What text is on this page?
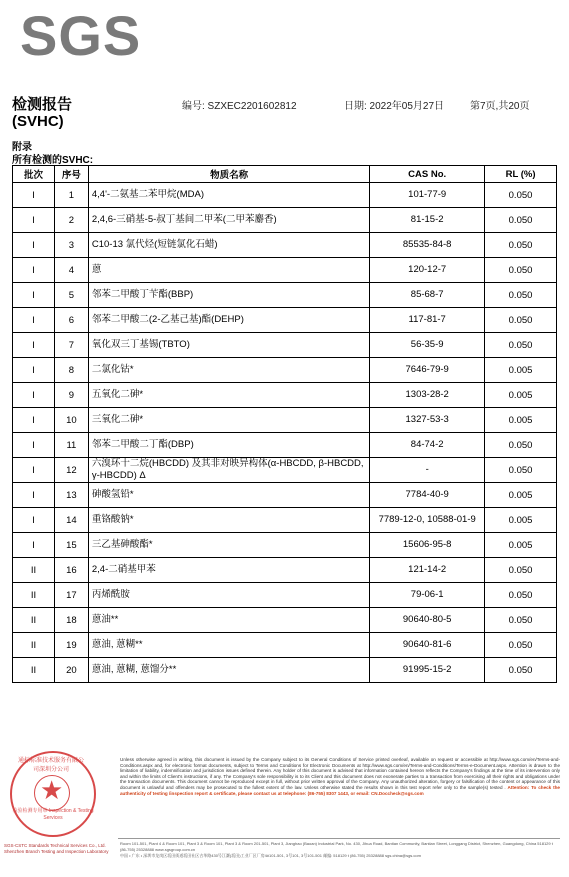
SGS
检测报告
(SVHC)
编号: SZXEC2201602812	日期: 2022年05月27日	第7页,共20页
附录
所有检测的SVHC:
批次	序号	物质名称	CAS No.	RL (%)
I	1	4,4'-二氨基二苯甲烷(MDA)	101-77-9	0.050
I	2	2,4,6-三硝基-5-叔丁基间二甲苯(二甲苯麝香)	81-15-2	0.050
I	3	C10-13 氯代烃(短链氯化石蜡)	85535-84-8	0.050
I	4	蒽	120-12-7	0.050
I	5	邻苯二甲酸丁苄酯(BBP)	85-68-7	0.050
I	6	邻苯二甲酸二(2-乙基己基)酯(DEHP)	117-81-7	0.050
I	7	氧化双三丁基锡(TBTO)	56-35-9	0.050
I	8	二氯化钴*	7646-79-9	0.005
I	9	五氧化二砷*	1303-28-2	0.005
I	10	三氧化二砷*	1327-53-3	0.005
I	11	邻苯二甲酸二丁酯(DBP)	84-74-2	0.050
I	12	六溴环十二烷(HBCDD) 及其非对映异构体(α-HBCDD, β-HBCDD, γ-HBCDD) Δ	-	0.050
I	13	砷酸氢铅*	7784-40-9	0.005
I	14	重铬酸钠*	7789-12-0, 10588-01-9	0.005
I	15	三乙基砷酸酯*	15606-95-8	0.005
II	16	2,4-二硝基甲苯	121-14-2	0.050
II	17	丙烯酰胺	79-06-1	0.050
II	18	蒽油**	90640-80-5	0.050
II	19	蒽油, 蒽糊**	90640-81-6	0.050
II	20	蒽油, 蒽糊, 蒽馏分**	91995-15-2	0.050
通标标准技术服务有限公司深圳分公司
★
检验检测专用章 Inspection & Testing Services
SGS-CSTC Standards Technical Services Co., Ltd. Shenzhen Branch Testing and Inspection Laboratory
Unless otherwise agreed in writing, this document is issued by the Company subject to its General Conditions of Service printed overleaf, available on request or accessible at http://www.sgs.com/en/Terms-and-Conditions.aspx and, for electronic format documents, subject to Terms and Conditions for Electronic Documents at http://www.sgs.com/en/Terms-and-Conditions/Terms-e-Document.aspx. Attention is drawn to the limitation of liability, indemnification and jurisdiction issues defined therein. Any holder of this document is advised that information contained hereon reflects the Company's findings at the time of its intervention only and within the limits of Client's instructions, if any. The Company's sole responsibility is to its Client and this document does not exonerate parties to a transaction from exercising all their rights and obligations under the transaction documents. This document cannot be reproduced except in full, without prior written approval of the Company. Any unauthorized alteration, forgery or falsification of the content or appearance of this document is unlawful and offenders may be prosecuted to the fullest extent of the law. Unless otherwise stated the results shown in this test report refer only to the sample(s) tested . Attention: To check the authenticity of testing /inspection report & certificate, please contact us at telephone: (86-755) 8307 1443, or email: CN.Doccheck@sgs.com
Room 101-501, Plant 4 & Room 101, Plant 3 & Room 101, Plant 3 & Room 201-501, Plant 3, Jianghao (Baoan) Industrial Park, No. 430, Jihua Road, Bantian Community, Bantian Street, Longgang District, Shenzhen, Guangdong, China 518129 t (86-755) 25328888 www.sgsgroup.com.cn
中国 • 广东 • 深圳市龙岗区坂田街道坂田社区吉华路430号江灏(坂田)工业厂区厂房4#101-501, 3号101, 3号101-501 邮编: 518129 t (86-755) 25328888 sgs.china@sgs.com
